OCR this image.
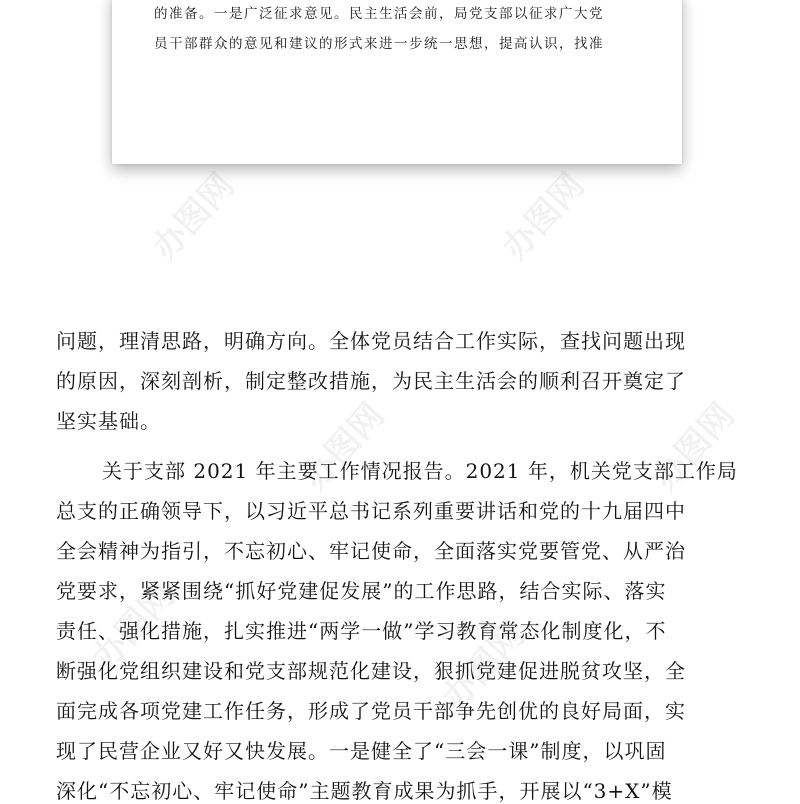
的准备。一是广泛征求意见。民主生活会前，局党支部以征求广大党
员干部群众的意见和建议的形式来进一步统一思想，提高认识，找准
办图网	办图网
办图网	办图网
办图网	办图网
问题，理清思路，明确方向。全体党员结合工作实际，查找问题出现
的原因，深刻剖析，制定整改措施，为民主生活会的顺利召开奠定了
坚实基础。
关于支部 2021 年主要工作情况报告。2021 年，机关党支部工作局
总支的正确领导下，以习近平总书记系列重要讲话和党的十九届四中
全会精神为指引，不忘初心、牢记使命，全面落实党要管党、从严治
党要求，紧紧围绕“抓好党建促发展”的工作思路，结合实际、落实
责任、强化措施，扎实推进“两学一做”学习教育常态化制度化，不
断强化党组织建设和党支部规范化建设，狠抓党建促进脱贫攻坚，全
面完成各项党建工作任务，形成了党员干部争先创优的良好局面，实
现了民营企业又好又快发展。一是健全了“三会一课”制度，以巩固
深化“不忘初心、牢记使命”主题教育成果为抓手，开展以“3+X”模
